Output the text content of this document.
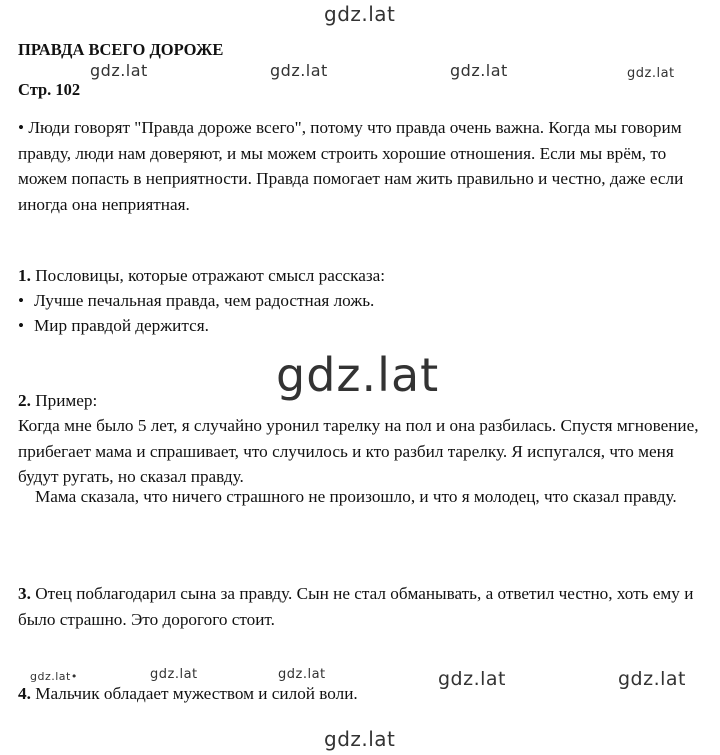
gdz.lat
gdz.lat	gdz.lat	gdz.lat	gdz.lat
gdz.lat
gdz.lat•	gdz.lat	gdz.lat	gdz.lat	gdz.lat
gdz.lat
ПРАВДА ВСЕГО ДОРОЖЕ

Стр. 102

• Люди говорят "Правда дороже всего", потому что правда очень важна. Когда мы говорим правду, люди нам доверяют, и мы можем строить хорошие отношения. Если мы врём, то можем попасть в неприятности. Правда помогает нам жить правильно и честно, даже если иногда она неприятная.

1. Пословицы, которые отражают смысл рассказа:

• Лучше печальная правда, чем радостная ложь.

• Мир правдой держится.

2. Пример:

Когда мне было 5 лет, я случайно уронил тарелку на пол и она разбилась. Спустя мгновение, прибегает мама и спрашивает, что случилось и кто разбил тарелку. Я испугался, что меня будут ругать, но сказал правду.

Мама сказала, что ничего страшного не произошло, и что я молодец, что сказал правду.

3. Отец поблагодарил сына за правду. Сын не стал обманывать, а ответил честно, хоть ему и было страшно. Это дорогого стоит.

4. Мальчик обладает мужеством и силой воли.
